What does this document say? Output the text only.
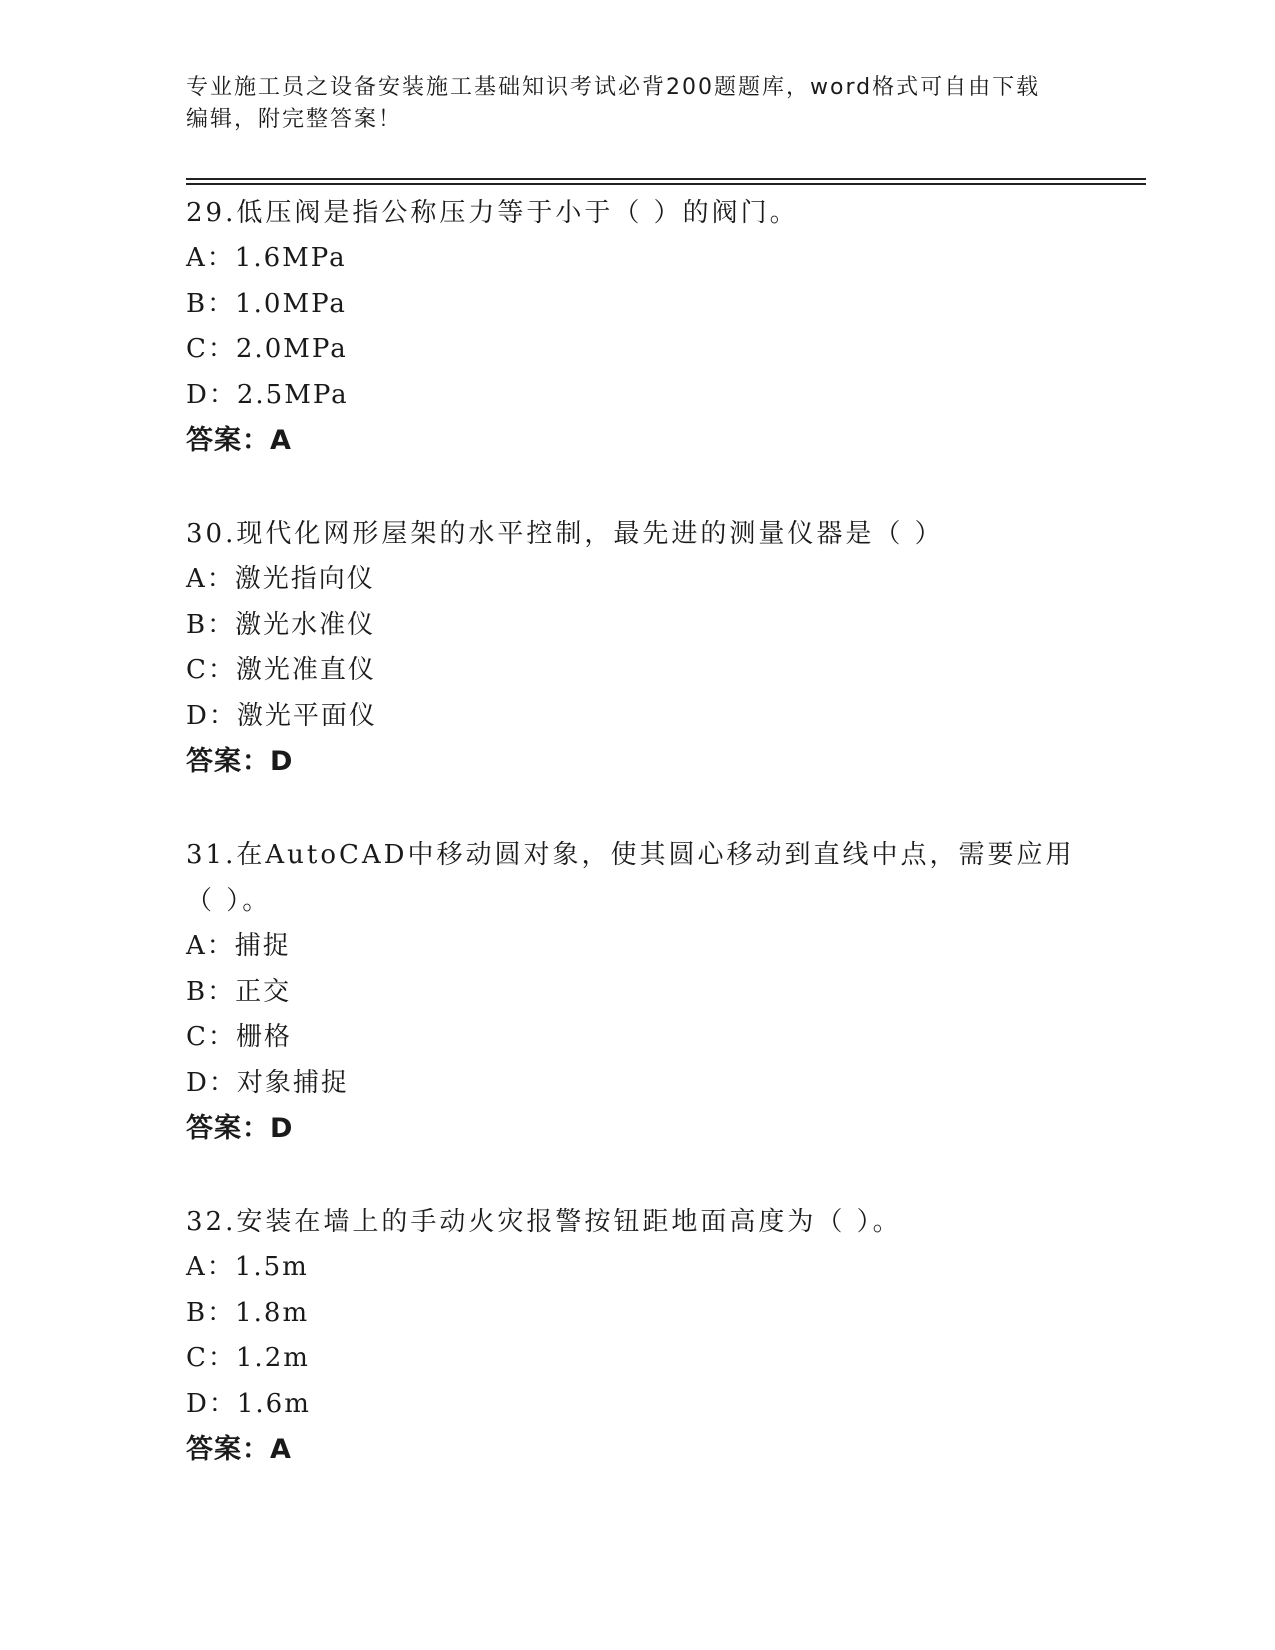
专业施工员之设备安装施工基础知识考试必背200题题库，word格式可自由下载
编辑，附完整答案！
29.低压阀是指公称压力等于小于（ ）的阀门。
A：1.6MPa
B：1.0MPa
C：2.0MPa
D：2.5MPa
答案：A
30.现代化网形屋架的水平控制，最先进的测量仪器是（ ）
A：激光指向仪
B：激光水准仪
C：激光准直仪
D：激光平面仪
答案：D
31.在AutoCAD中移动圆对象，使其圆心移动到直线中点，需要应用（ ）。
A：捕捉
B：正交
C：栅格
D：对象捕捉
答案：D
32.安装在墙上的手动火灾报警按钮距地面高度为（ ）。
A：1.5m
B：1.8m
C：1.2m
D：1.6m
答案：A
